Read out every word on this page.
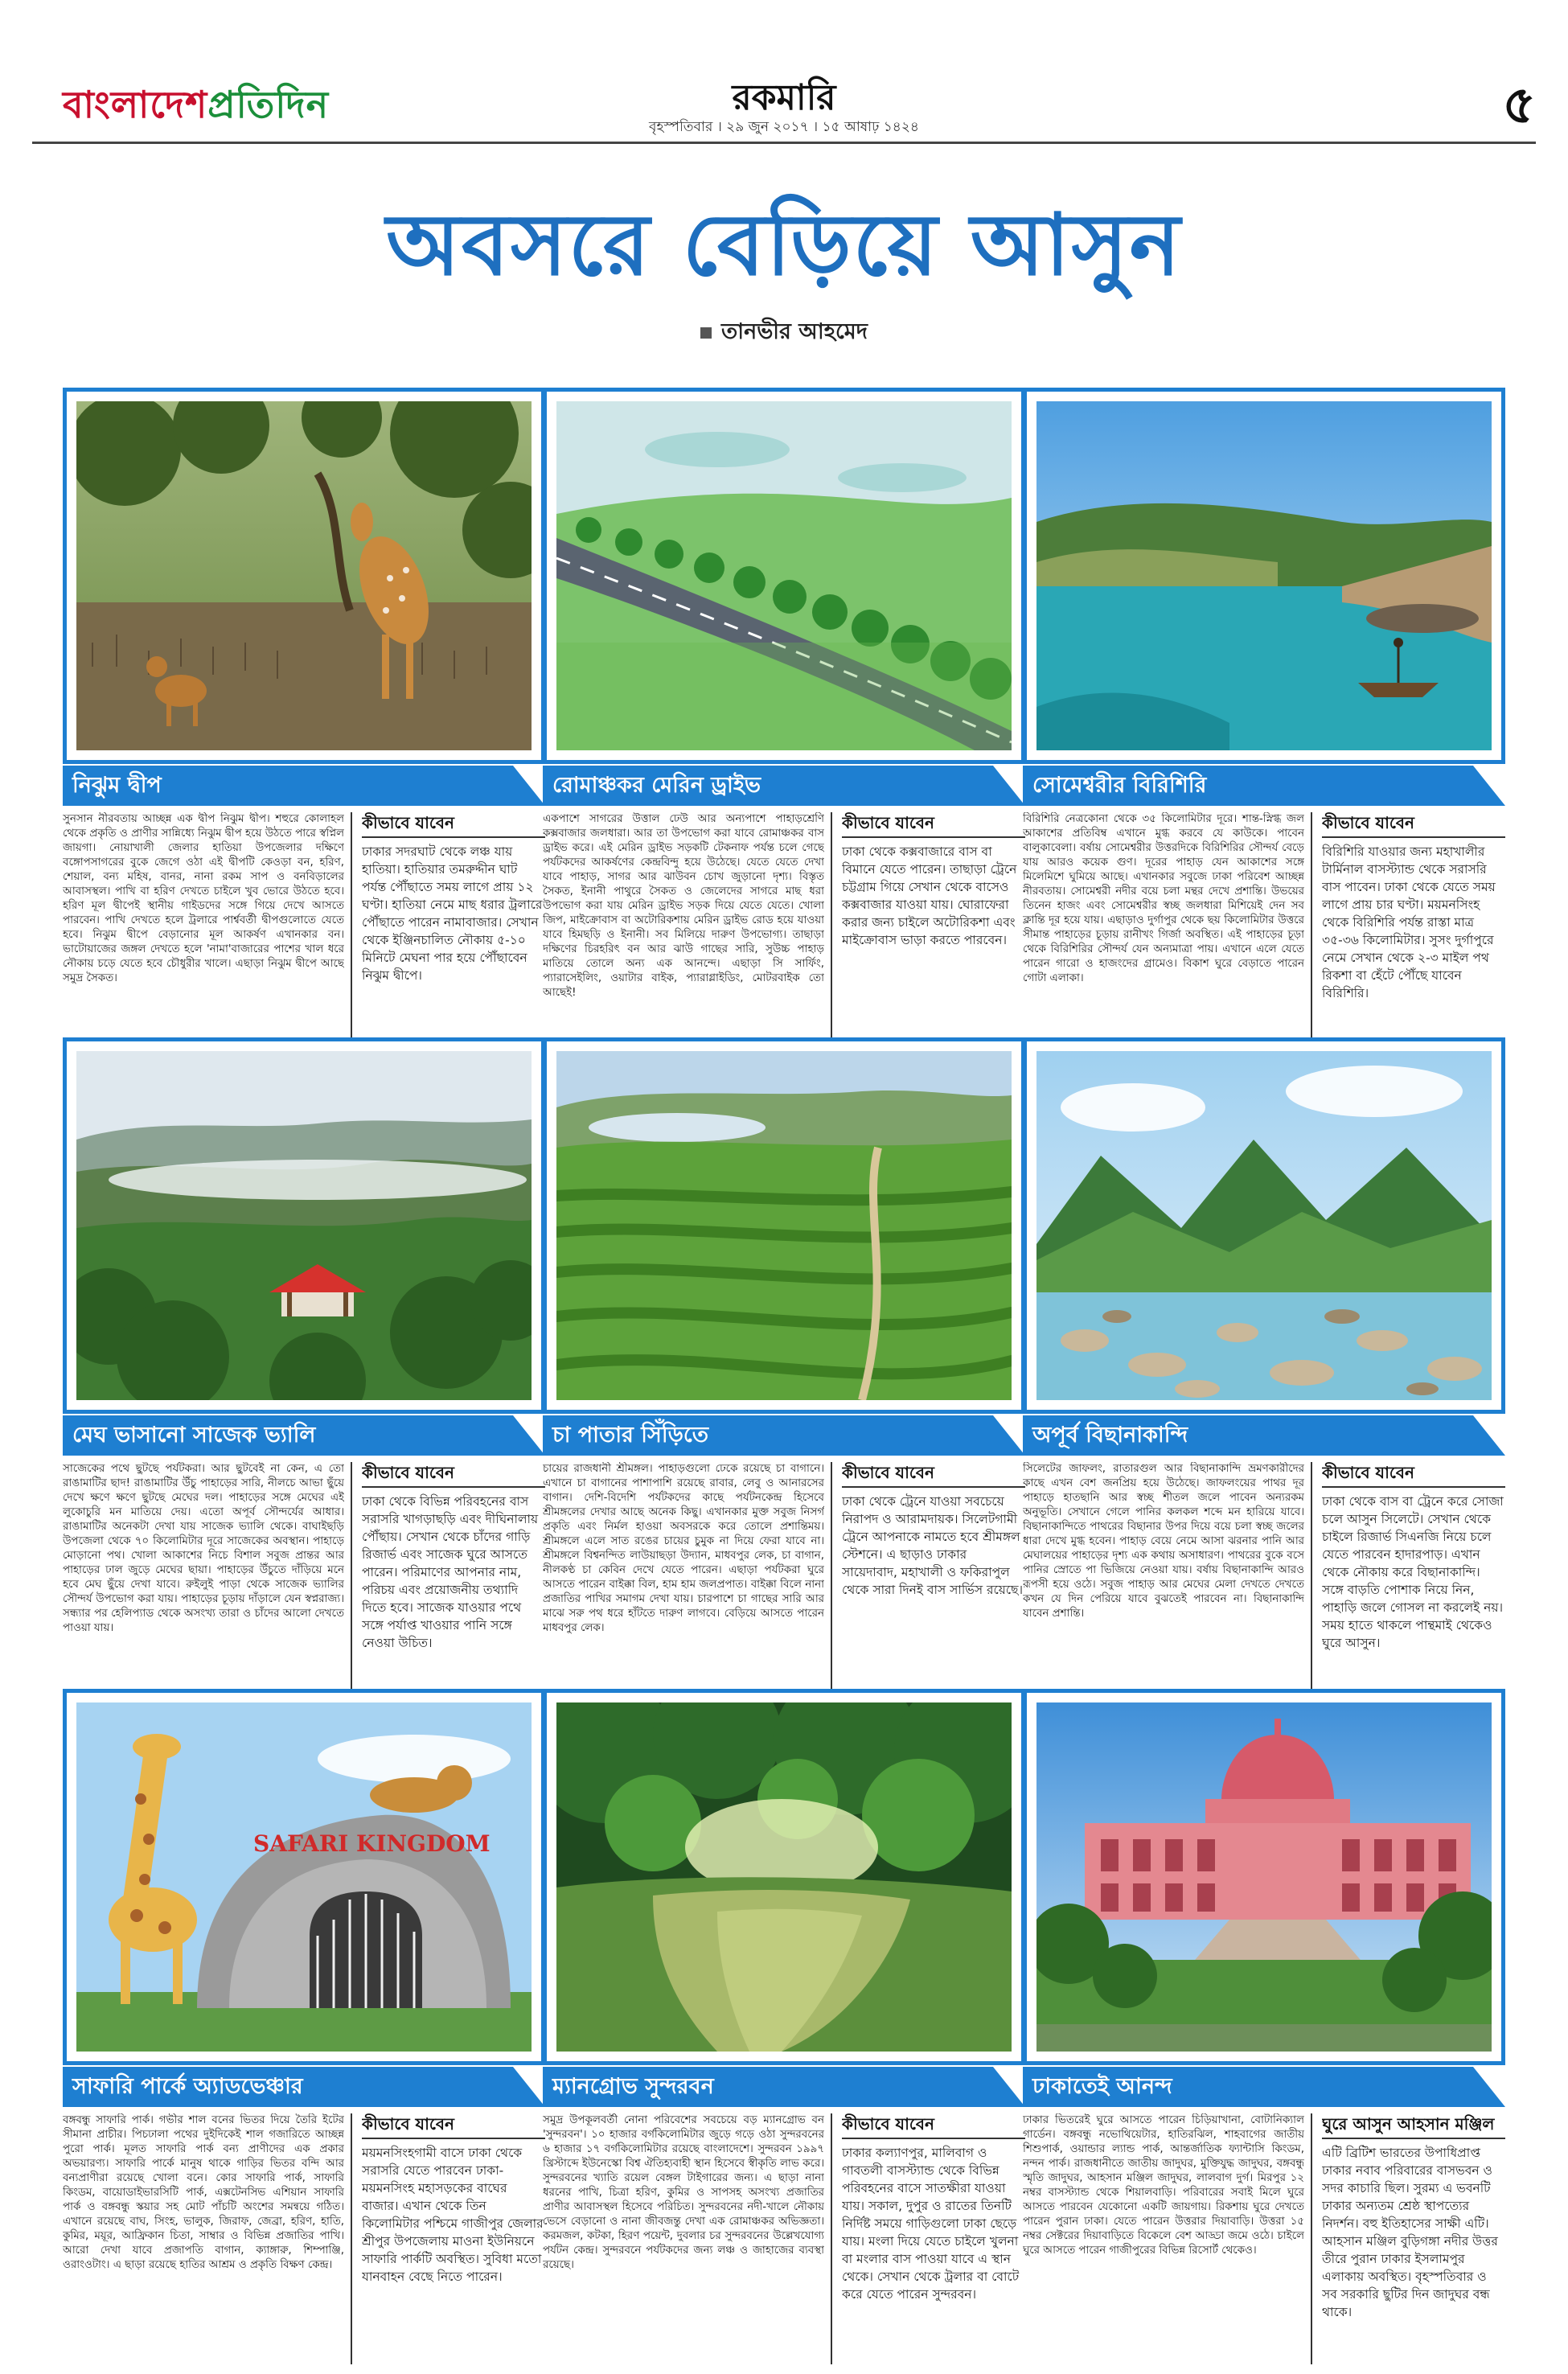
বাংলাদেশপ্রতিদিন	রকমারি
বৃহস্পতিবার । ২৯ জুন ২০১৭ । ১৫ আষাঢ় ১৪২৪	৫
অবসরে বেড়িয়ে আসুন
তানভীর আহমেদ
নিঝুম দ্বীপ
সুনসান নীরবতায় আচ্ছন্ন এক দ্বীপ নিঝুম দ্বীপ। শহুরে কোলাহল থেকে প্রকৃতি ও প্রাণীর সান্নিধ্যে নিঝুম দ্বীপ হয়ে উঠতে পারে স্বপ্নিল জায়গা। নোয়াখালী জেলার হাতিয়া উপজেলার দক্ষিণে বঙ্গোপসাগরের বুকে জেগে ওঠা এই দ্বীপটি কেওড়া বন, হরিণ, শেয়াল, বন্য মহিষ, বানর, নানা রকম সাপ ও বনবিড়ালের আবাসস্থল। পাখি বা হরিণ দেখতে চাইলে খুব ভোরে উঠতে হবে। হরিণ মূল দ্বীপেই স্থানীয় গাইডদের সঙ্গে গিয়ে দেখে আসতে পারবেন। পাখি দেখতে হলে ট্রলারে পার্শ্ববর্তী দ্বীপগুলোতে যেতে হবে। নিঝুম দ্বীপে বেড়ানোর মূল আকর্ষণ এখানকার বন। ভাটোয়াজের জঙ্গল দেখতে হলে 'নামা'বাজারের পাশের খাল ধরে নৌকায় চড়ে যেতে হবে চৌধুরীর খালে। এছাড়া নিঝুম দ্বীপে আছে সমুদ্র সৈকত।
কীভাবে যাবেন
ঢাকার সদরঘাট থেকে লঞ্চ যায় হাতিয়া। হাতিয়ার তমরুদ্দীন ঘাট পর্যন্ত পৌঁছাতে সময় লাগে প্রায় ১২ ঘণ্টা। হাতিয়া নেমে মাছ ধরার ট্রলারে পৌঁছাতে পারেন নামাবাজার। সেখান থেকে ইঞ্জিনচালিত নৌকায় ৫-১০ মিনিটে মেঘনা পার হয়ে পৌঁছাবেন নিঝুম দ্বীপে।
রোমাঞ্চকর মেরিন ড্রাইভ
একপাশে সাগরের উত্তাল ঢেউ আর অন্যপাশে পাহাড়শ্রেণি কক্সবাজার জলধারা। আর তা উপভোগ করা যাবে রোমাঞ্চকর বাস ড্রাইভ করে। এই মেরিন ড্রাইভ সড়কটি টেকনাফ পর্যন্ত চলে গেছে পর্যটকদের আকর্ষণের কেন্দ্রবিন্দু হয়ে উঠেছে। যেতে যেতে দেখা যাবে পাহাড়, সাগর আর ঝাউবন চোখ জুড়ানো দৃশ্য। বিস্তৃত সৈকত, ইনানী পাথুরে সৈকত ও জেলেদের সাগরে মাছ ধরা উপভোগ করা যায় মেরিন ড্রাইভ সড়ক দিয়ে যেতে যেতে। খোলা জিপ, মাইক্রোবাস বা অটোরিকশায় মেরিন ড্রাইভ রোড হয়ে যাওয়া যাবে হিমছড়ি ও ইনানী। সব মিলিয়ে দারুণ উপভোগ্য। তাছাড়া দক্ষিণের চিরহরিৎ বন আর ঝাউ গাছের সারি, সুউচ্চ পাহাড় মাতিয়ে তোলে অন্য এক আনন্দে। এছাড়া সি সার্ফিং, প্যারাসেইলিং, ওয়াটার বাইক, প্যারাগ্লাইডিং, মোটরবাইক তো আছেই!
কীভাবে যাবেন
ঢাকা থেকে কক্সবাজারে বাস বা বিমানে যেতে পারেন। তাছাড়া ট্রেনে চট্টগ্রাম গিয়ে সেখান থেকে বাসেও কক্সবাজার যাওয়া যায়। ঘোরাফেরা করার জন্য চাইলে অটোরিকশা এবং মাইক্রোবাস ভাড়া করতে পারবেন।
সোমেশ্বরীর বিরিশিরি
বিরিশিরি নেত্রকোনা থেকে ৩৫ কিলোমিটার দূরে। শান্ত-স্নিগ্ধ জল আকাশের প্রতিবিম্ব এখানে মুগ্ধ করবে যে কাউকে। পাবেন বালুকাবেলা। বর্ষায় সোমেশ্বরীর উত্তরদিকে বিরিশিরির সৌন্দর্য বেড়ে যায় আরও কয়েক গুণ। দূরের পাহাড় যেন আকাশের সঙ্গে মিলেমিশে ঘুমিয়ে আছে। এখানকার সবুজে ঢাকা পরিবেশ আচ্ছন্ন নীরবতায়। সোমেশ্বরী নদীর বয়ে চলা মন্থর দেখে প্রশান্তি। উভয়ের তিনেন হাজং এবং সোমেশ্বরীর স্বচ্ছ জলধারা মিশিয়েই দেন সব ক্লান্তি দূর হয়ে যায়। এছাড়াও দুর্গাপুর থেকে ছয় কিলোমিটার উত্তরে সীমান্ত পাহাড়ের চূড়ায় রানীখং গির্জা অবস্থিত। এই পাহাড়ের চূড়া থেকে বিরিশিরির সৌন্দর্য যেন অন্যমাত্রা পায়। এখানে এলে যেতে পারেন গারো ও হাজংদের গ্রামেও। বিকাশ ঘুরে বেড়াতে পারেন গোটা এলাকা।
কীভাবে যাবেন
বিরিশিরি যাওয়ার জন্য মহাখালীর টার্মিনাল বাসস্ট্যান্ড থেকে সরাসরি বাস পাবেন। ঢাকা থেকে যেতে সময় লাগে প্রায় চার ঘণ্টা। ময়মনসিংহ থেকে বিরিশিরি পর্যন্ত রাস্তা মাত্র ৩৫-৩৬ কিলোমিটার। সুসং দুর্গাপুরে নেমে সেখান থেকে ২-৩ মাইল পথ রিকশা বা হেঁটে পৌঁছে যাবেন বিরিশিরি।
মেঘ ভাসানো সাজেক ভ্যালি
সাজেকের পথে ছুটছে পর্যটকরা। আর ছুটবেই না কেন, এ তো রাঙামাটির ছাদ! রাঙামাটির উঁচু পাহাড়ের সারি, নীলচে আভা ছুঁয়ে দেখে ক্ষণে ক্ষণে ছুটছে মেঘের দল। পাহাড়ের সঙ্গে মেঘের এই লুকোচুরি মন মাতিয়ে দেয়। এতো অপূর্ব সৌন্দর্যের আধার। রাঙামাটির অনেকটা দেখা যায় সাজেক ভ্যালি থেকে। বাঘাইছড়ি উপজেলা থেকে ৭০ কিলোমিটার দূরে সাজেকের অবস্থান। পাহাড়ে মোড়ানো পথ। খোলা আকাশের নিচে বিশাল সবুজ প্রান্তর আর পাহাড়ের ঢাল জুড়ে মেঘের ছায়া। পাহাড়ের উঁচুতে দাঁড়িয়ে মনে হবে মেঘ ছুঁয়ে দেখা যাবে। রুইলুই পাড়া থেকে সাজেক ভ্যালির সৌন্দর্য উপভোগ করা যায়। পাহাড়ের চূড়ায় দাঁড়ালে যেন স্বপ্নরাজ্য। সন্ধ্যার পর হেলিপ্যাড থেকে অসংখ্য তারা ও চাঁদের আলো দেখতে পাওয়া যায়।
কীভাবে যাবেন
ঢাকা থেকে বিভিন্ন পরিবহনের বাস সরাসরি খাগড়াছড়ি এবং দীঘিনালায় পৌঁছায়। সেখান থেকে চাঁদের গাড়ি রিজার্ভ এবং সাজেক ঘুরে আসতে পারেন। পরিমাণের আপনার নাম, পরিচয় এবং প্রয়োজনীয় তথ্যাদি দিতে হবে। সাজেক যাওয়ার পথে সঙ্গে পর্যাপ্ত খাওয়ার পানি সঙ্গে নেওয়া উচিত।
চা পাতার সিঁড়িতে
চায়ের রাজধানী শ্রীমঙ্গল। পাহাড়গুলো ঢেকে রয়েছে চা বাগানে। এখানে চা বাগানের পাশাপাশি রয়েছে রাবার, লেবু ও আনারসের বাগান। দেশি-বিদেশি পর্যটকদের কাছে পর্যটনকেন্দ্র হিসেবে শ্রীমঙ্গলের দেখার আছে অনেক কিছু। এখানকার মুক্ত সবুজ নিসর্গ প্রকৃতি এবং নির্মল হাওয়া অবসরকে করে তোলে প্রশান্তিময়। শ্রীমঙ্গলে এলে সাত রঙের চায়ের চুমুক না দিয়ে ফেরা যাবে না। শ্রীমঙ্গলে বিশ্বনন্দিত লাউয়াছড়া উদ্যান, মাধবপুর লেক, চা বাগান, নীলকণ্ঠ চা কেবিন দেখে যেতে পারেন। এছাড়া পর্যটকরা ঘুরে আসতে পারেন বাইক্কা বিল, হাম হাম জলপ্রপাত। বাইক্কা বিলে নানা প্রজাতির পাখির সমাগম দেখা যায়। চারপাশে চা গাছের সারি আর মাঝে সরু পথ ধরে হাঁটতে দারুণ লাগবে। বেড়িয়ে আসতে পারেন মাধবপুর লেক।
কীভাবে যাবেন
ঢাকা থেকে ট্রেনে যাওয়া সবচেয়ে নিরাপদ ও আরামদায়ক। সিলেটগামী ট্রেনে আপনাকে নামতে হবে শ্রীমঙ্গল স্টেশনে। এ ছাড়াও ঢাকার সায়েদাবাদ, মহাখালী ও ফকিরাপুল থেকে সারা দিনই বাস সার্ভিস রয়েছে।
অপূর্ব বিছানাকান্দি
সিলেটের জাফলং, রাতারগুল আর বিছানাকান্দি ভ্রমণকারীদের কাছে এখন বেশ জনপ্রিয় হয়ে উঠেছে। জাফলংয়ের পাথর দূর পাহাড়ে হাতছানি আর স্বচ্ছ শীতল জলে পাবেন অন্যরকম অনুভূতি। সেখানে গেলে পানির কলকল শব্দে মন হারিয়ে যাবে। বিছানাকান্দিতে পাথরের বিছানার উপর দিয়ে বয়ে চলা স্বচ্ছ জলের ধারা দেখে মুগ্ধ হবেন। পাহাড় বেয়ে নেমে আসা ঝরনার পানি আর মেঘালয়ের পাহাড়ের দৃশ্য এক কথায় অসাধারণ। পাথরের বুকে বসে পানির স্রোতে পা ভিজিয়ে নেওয়া যায়। বর্ষায় বিছানাকান্দি আরও রূপসী হয়ে ওঠে। সবুজ পাহাড় আর মেঘের মেলা দেখতে দেখতে কখন যে দিন পেরিয়ে যাবে বুঝতেই পারবেন না। বিছানাকান্দি যাবেন প্রশান্তি।
কীভাবে যাবেন
ঢাকা থেকে বাস বা ট্রেনে করে সোজা চলে আসুন সিলেটে। সেখান থেকে চাইলে রিজার্ভ সিএনজি নিয়ে চলে যেতে পারবেন হাদারপাড়। এখান থেকে নৌকায় করে বিছানাকান্দি। সঙ্গে বাড়তি পোশাক নিয়ে নিন, পাহাড়ি জলে গোসল না করলেই নয়। সময় হাতে থাকলে পান্থমাই থেকেও ঘুরে আসুন।
SAFARI KINGDOM
সাফারি পার্কে অ্যাডভেঞ্চার
বঙ্গবন্ধু সাফারি পার্ক। গভীর শাল বনের ভিতর দিয়ে তৈরি ইটের সীমানা প্রাচীর। পিচঢালা পথের দুইদিকেই শাল গজারিতে আচ্ছন্ন পুরো পার্ক। মূলত সাফারি পার্ক বন্য প্রাণীদের এক প্রকার অভয়ারণ্য। সাফারি পার্কে মানুষ থাকে গাড়ির ভিতর বন্দি আর বন্যপ্রাণীরা রয়েছে খোলা বনে। কোর সাফারি পার্ক, সাফারি কিংডম, বায়োডাইভারসিটি পার্ক, এক্সটেনসিভ এশিয়ান সাফারি পার্ক ও বঙ্গবন্ধু স্কয়ার সহ মোট পাঁচটি অংশের সমন্বয়ে গঠিত। এখানে রয়েছে বাঘ, সিংহ, ভালুক, জিরাফ, জেব্রা, হরিণ, হাতি, কুমির, ময়ূর, আফ্রিকান চিতা, সাম্বার ও বিভিন্ন প্রজাতির পাখি। আরো দেখা যাবে প্রজাপতি বাগান, ক্যাঙ্গারু, শিম্পাঞ্জি, ওরাংওটাং। এ ছাড়া রয়েছে হাতির আশ্রম ও প্রকৃতি বিক্ষণ কেন্দ্র।
কীভাবে যাবেন
ময়মনসিংহগামী বাসে ঢাকা থেকে সরাসরি যেতে পারবেন ঢাকা-ময়মনসিংহ মহাসড়কের বাঘের বাজার। এখান থেকে তিন কিলোমিটার পশ্চিমে গাজীপুর জেলার শ্রীপুর উপজেলায় মাওনা ইউনিয়নে সাফারি পার্কটি অবস্থিত। সুবিধা মতো যানবাহন বেছে নিতে পারেন।
ম্যানগ্রোভ সুন্দরবন
সমুদ্র উপকূলবর্তী নোনা পরিবেশের সবচেয়ে বড় ম্যানগ্রোভ বন 'সুন্দরবন'। ১০ হাজার বর্গকিলোমিটার জুড়ে গড়ে ওঠা সুন্দরবনের ৬ হাজার ১৭ বর্গকিলোমিটার রয়েছে বাংলাদেশে। সুন্দরবন ১৯৯৭ খ্রিস্টাব্দে ইউনেস্কো বিশ্ব ঐতিহ্যবাহী স্থান হিসেবে স্বীকৃতি লাভ করে। সুন্দরবনের খ্যাতি রয়েল বেঙ্গল টাইগারের জন্য। এ ছাড়া নানা ধরনের পাখি, চিত্রা হরিণ, কুমির ও সাপসহ অসংখ্য প্রজাতির প্রাণীর আবাসস্থল হিসেবে পরিচিত। সুন্দরবনের নদী-খালে নৌকায় ভেসে বেড়ানো ও নানা জীবজন্তু দেখা এক রোমাঞ্চকর অভিজ্ঞতা। করমজল, কটকা, হিরণ পয়েন্ট, দুবলার চর সুন্দরবনের উল্লেখযোগ্য পর্যটন কেন্দ্র। সুন্দরবনে পর্যটকদের জন্য লঞ্চ ও জাহাজের ব্যবস্থা রয়েছে।
কীভাবে যাবেন
ঢাকার কল্যাণপুর, মালিবাগ ও গাবতলী বাসস্ট্যান্ড থেকে বিভিন্ন পরিবহনের বাসে সাতক্ষীরা যাওয়া যায়। সকাল, দুপুর ও রাতের তিনটি নির্দিষ্ট সময়ে গাড়িগুলো ঢাকা ছেড়ে যায়। মংলা দিয়ে যেতে চাইলে খুলনা বা মংলার বাস পাওয়া যাবে এ স্থান থেকে। সেখান থেকে ট্রলার বা বোটে করে যেতে পারেন সুন্দরবন।
ঢাকাতেই আনন্দ
ঢাকার ভিতরেই ঘুরে আসতে পারেন চিড়িয়াখানা, বোটানিক্যাল গার্ডেন। বঙ্গবন্ধু নভোথিয়েটার, হাতিরঝিল, শাহবাগের জাতীয় শিশুপার্ক, ওয়ান্ডার ল্যান্ড পার্ক, আন্তর্জাতিক ফ্যান্টাসি কিংডম, নন্দন পার্ক। রাজধানীতে জাতীয় জাদুঘর, মুক্তিযুদ্ধ জাদুঘর, বঙ্গবন্ধু স্মৃতি জাদুঘর, আহসান মঞ্জিল জাদুঘর, লালবাগ দুর্গ। মিরপুর ১২ নম্বর বাসস্ট্যান্ড থেকে শিয়ালবাড়ি। পরিবারের সবাই মিলে ঘুরে আসতে পারবেন যেকোনো একটি জায়গায়। রিকশায় ঘুরে দেখতে পারেন পুরান ঢাকা। যেতে পারেন উত্তরার দিয়াবাড়ি। উত্তরা ১৫ নম্বর সেক্টরের দিয়াবাড়িতে বিকেলে বেশ আড্ডা জমে ওঠে। চাইলে ঘুরে আসতে পারেন গাজীপুরের বিভিন্ন রিসোর্ট থেকেও।
ঘুরে আসুন আহসান মঞ্জিল
এটি ব্রিটিশ ভারতের উপাধিপ্রাপ্ত ঢাকার নবাব পরিবারের বাসভবন ও সদর কাচারি ছিল। সুরম্য এ ভবনটি ঢাকার অন্যতম শ্রেষ্ঠ স্থাপত্যের নিদর্শন। বহু ইতিহাসের সাক্ষী এটি। আহসান মঞ্জিল বুড়িগঙ্গা নদীর উত্তর তীরে পুরান ঢাকার ইসলামপুর এলাকায় অবস্থিত। বৃহস্পতিবার ও সব সরকারি ছুটির দিন জাদুঘর বন্ধ থাকে।
